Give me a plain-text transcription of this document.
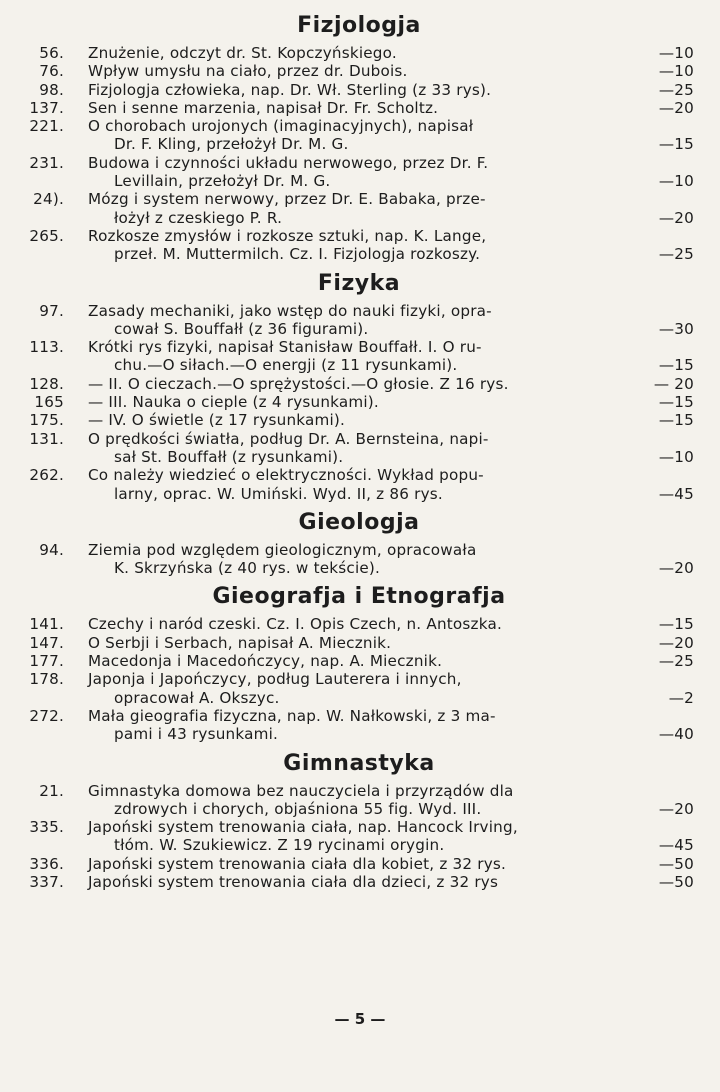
Fizjologja
56.	Znużenie, odczyt dr. St. Kopczyńskiego.	—10
76.	Wpływ umysłu na ciało, przez dr. Dubois.	—10
98.	Fizjologja człowieka, nap. Dr. Wł. Sterling (z 33 rys).	—25
137.	Sen i senne marzenia, napisał Dr. Fr. Scholtz.	—20
221.	O chorobach urojonych (imaginacyjnych), napisał
Dr. F. Kling, przełożył Dr. M. G.	—15
231.	Budowa i czynności układu nerwowego, przez Dr. F.
Levillain, przełożył Dr. M. G.	—10
24).	Mózg i system nerwowy, przez Dr. E. Babaka, prze-
łożył z czeskiego P. R.	—20
265.	Rozkosze zmysłów i rozkosze sztuki, nap. K. Lange,
przeł. M. Muttermilch. Cz. I. Fizjologja rozkoszy.	—25
Fizyka
97.	Zasady mechaniki, jako wstęp do nauki fizyki, opra-
cował S. Bouffałł (z 36 figurami).	—30
113.	Krótki rys fizyki, napisał Stanisław Bouffałł. I. O ru-
chu.—O siłach.—O energji (z 11 rysunkami).	—15
128.	— II. O cieczach.—O sprężystości.—O głosie. Z 16 rys.	— 20
165	— III. Nauka o cieple (z 4 rysunkami).	—15
175.	— IV. O świetle (z 17 rysunkami).	—15
131.	O prędkości światła, podług Dr. A. Bernsteina, napi-
sał St. Bouffałł (z rysunkami).	—10
262.	Co należy wiedzieć o elektryczności. Wykład popu-
larny, oprac. W. Umiński. Wyd. II, z 86 rys.	—45
Gieologja
94.	Ziemia pod względem gieologicznym, opracowała
K. Skrzyńska (z 40 rys. w tekście).	—20
Gieografja i Etnografja
141.	Czechy i naród czeski. Cz. I. Opis Czech, n. Antoszka.	—15
147.	O Serbji i Serbach, napisał A. Miecznik.	—20
177.	Macedonja i Macedończycy, nap. A. Miecznik.	—25
178.	Japonja i Japończycy, podług Lauterera i innych,
opracował A. Okszyc.	—2
272.	Mała gieografia fizyczna, nap. W. Nałkowski, z 3 ma-
pami i 43 rysunkami.	—40
Gimnastyka
21.	Gimnastyka domowa bez nauczyciela i przyrządów dla
zdrowych i chorych, objaśniona 55 fig. Wyd. III.	—20
335.	Japoński system trenowania ciała, nap. Hancock Irving,
tłóm. W. Szukiewicz. Z 19 rycinami orygin.	—45
336.	Japoński system trenowania ciała dla kobiet, z 32 rys.	—50
337.	Japoński system trenowania ciała dla dzieci, z 32 rys	—50
— 5 —
